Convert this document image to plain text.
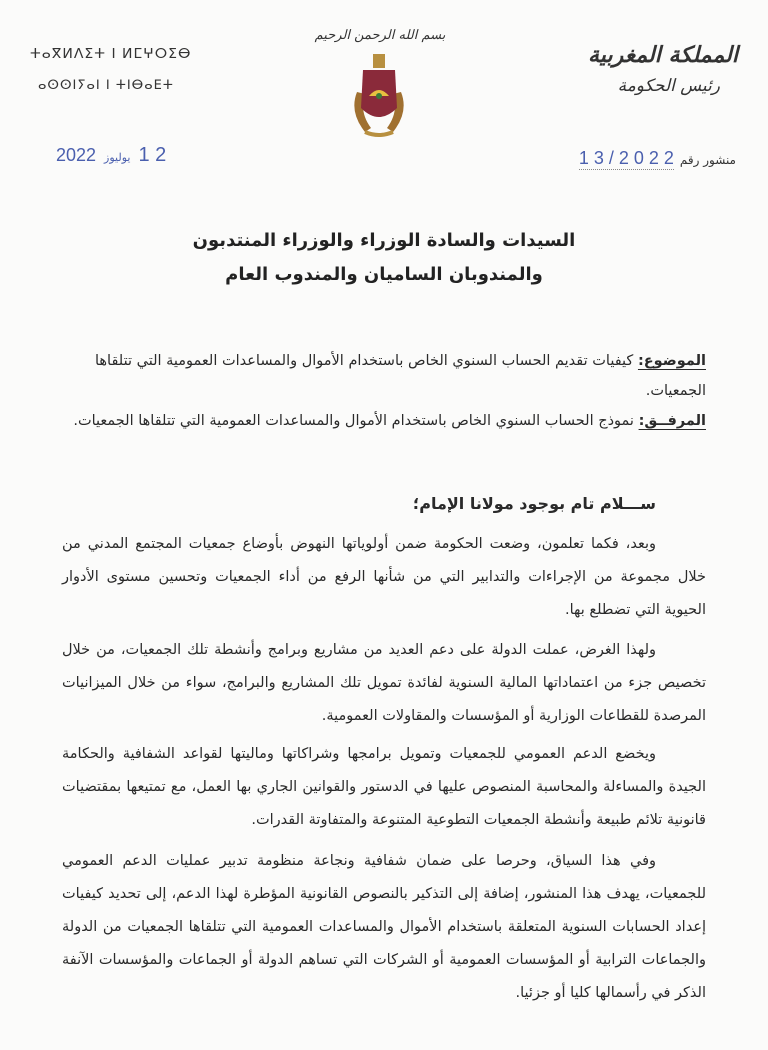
ⵜⴰⴳⵍⴷⵉⵜ ⵏ ⵍⵎⵖⵔⵉⴱ
ⴰⵙⵙⵏⵢⴰⵏ ⵏ ⵜⵏⴱⴰⴹⵜ
بسم الله الرحمن الرحيم
المملكة المغربية
رئيس الحكومة
2022 يوليوز 1 2	منشور رقم
1 3 / 2 0 2 2
السيدات والسادة الوزراء والوزراء المنتدبون
والمندوبان الساميان والمندوب العام
الموضوع: كيفيات تقديم الحساب السنوي الخاص باستخدام الأموال والمساعدات العمومية التي تتلقاها الجمعيات.
المرفــق: نموذج الحساب السنوي الخاص باستخدام الأموال والمساعدات العمومية التي تتلقاها الجمعيات.
ســـلام تام بوجود مولانا الإمام؛
وبعد، فكما تعلمون، وضعت الحكومة ضمن أولوياتها النهوض بأوضاع جمعيات المجتمع المدني من خلال مجموعة من الإجراءات والتدابير التي من شأنها الرفع من أداء الجمعيات وتحسين مستوى الأدوار الحيوية التي تضطلع بها.
ولهذا الغرض، عملت الدولة على دعم العديد من مشاريع وبرامج وأنشطة تلك الجمعيات، من خلال تخصيص جزء من اعتماداتها المالية السنوية لفائدة تمويل تلك المشاريع والبرامج، سواء من خلال الميزانيات المرصدة للقطاعات الوزارية أو المؤسسات والمقاولات العمومية.
ويخضع الدعم العمومي للجمعيات وتمويل برامجها وشراكاتها وماليتها لقواعد الشفافية والحكامة الجيدة والمساءلة والمحاسبة المنصوص عليها في الدستور والقوانين الجاري بها العمل، مع تمتيعها بمقتضيات قانونية تلائم طبيعة وأنشطة الجمعيات التطوعية المتنوعة والمتفاوتة القدرات.
وفي هذا السياق، وحرصا على ضمان شفافية ونجاعة منظومة تدبير عمليات الدعم العمومي للجمعيات، يهدف هذا المنشور، إضافة إلى التذكير بالنصوص القانونية المؤطرة لهذا الدعم، إلى تحديد كيفيات إعداد الحسابات السنوية المتعلقة باستخدام الأموال والمساعدات العمومية التي تتلقاها الجمعيات من الدولة والجماعات الترابية أو المؤسسات العمومية أو الشركات التي تساهم الدولة أو الجماعات والمؤسسات الآنفة الذكر في رأسمالها كليا أو جزئيا.
